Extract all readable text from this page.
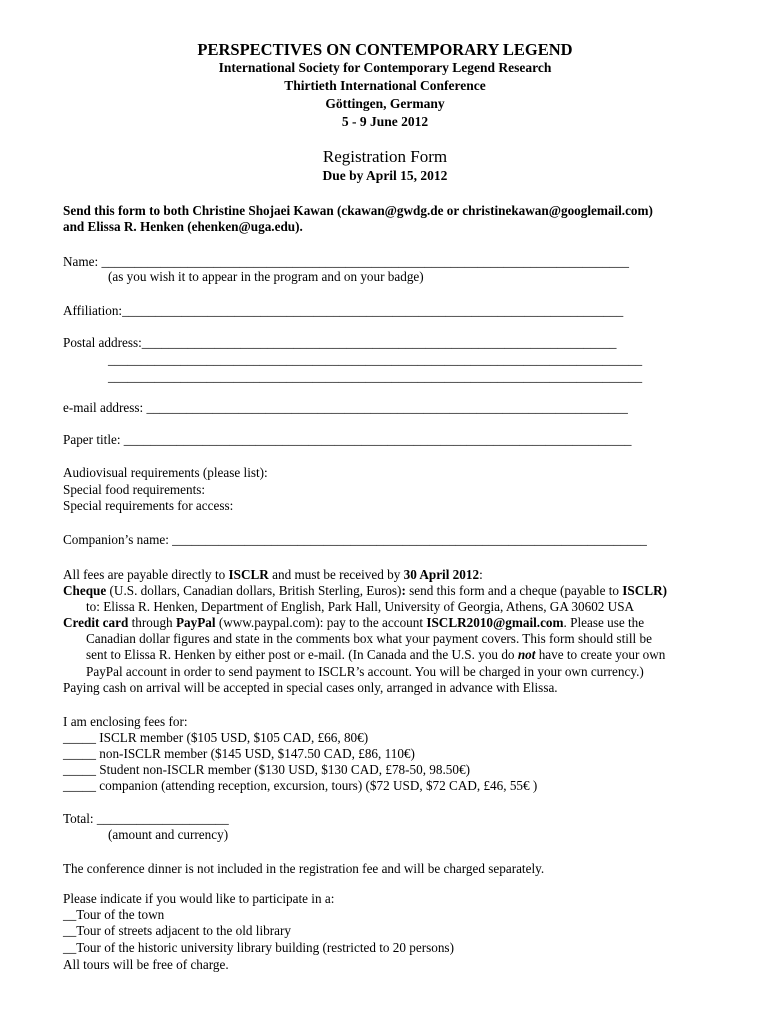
PERSPECTIVES ON CONTEMPORARY LEGEND
International Society for Contemporary Legend Research
Thirtieth International Conference
Göttingen, Germany
5 - 9 June 2012
Registration Form
Due by April 15, 2012
Send this form to both Christine Shojaei Kawan (ckawan@gwdg.de or christinekawan@googlemail.com)
and Elissa R. Henken (ehenken@uga.edu).
Name: ________________________________________________________________________________
(as you wish it to appear in the program and on your badge)
Affiliation:____________________________________________________________________________
Postal address:________________________________________________________________________
_________________________________________________________________________________
_________________________________________________________________________________
e-mail address: _________________________________________________________________________
Paper title: _____________________________________________________________________________
Audiovisual requirements (please list):
Special food requirements:
Special requirements for access:
Companion’s name: ________________________________________________________________________
All fees are payable directly to ISCLR and must be received by 30 April 2012:
Cheque (U.S. dollars, Canadian dollars, British Sterling, Euros): send this form and a cheque (payable to ISCLR)
to: Elissa R. Henken, Department of English, Park Hall, University of Georgia, Athens, GA 30602 USA
Credit card through PayPal (www.paypal.com): pay to the account ISCLR2010@gmail.com. Please use the
Canadian dollar figures and state in the comments box what your payment covers. This form should still be
sent to Elissa R. Henken by either post or e-mail. (In Canada and the U.S. you do not have to create your own
PayPal account in order to send payment to ISCLR’s account. You will be charged in your own currency.)
Paying cash on arrival will be accepted in special cases only, arranged in advance with Elissa.
I am enclosing fees for:
_____ ISCLR member ($105 USD, $105 CAD, £66, 80€)
_____ non-ISCLR member ($145 USD, $147.50 CAD, £86, 110€)
_____ Student non-ISCLR member ($130 USD, $130 CAD, £78-50, 98.50€)
_____ companion (attending reception, excursion, tours) ($72 USD, $72 CAD, £46, 55€ )
Total: ____________________
(amount and currency)
The conference dinner is not included in the registration fee and will be charged separately.
Please indicate if you would like to participate in a:
__Tour of the town
__Tour of streets adjacent to the old library
__Tour of the historic university library building (restricted to 20 persons)
All tours will be free of charge.
